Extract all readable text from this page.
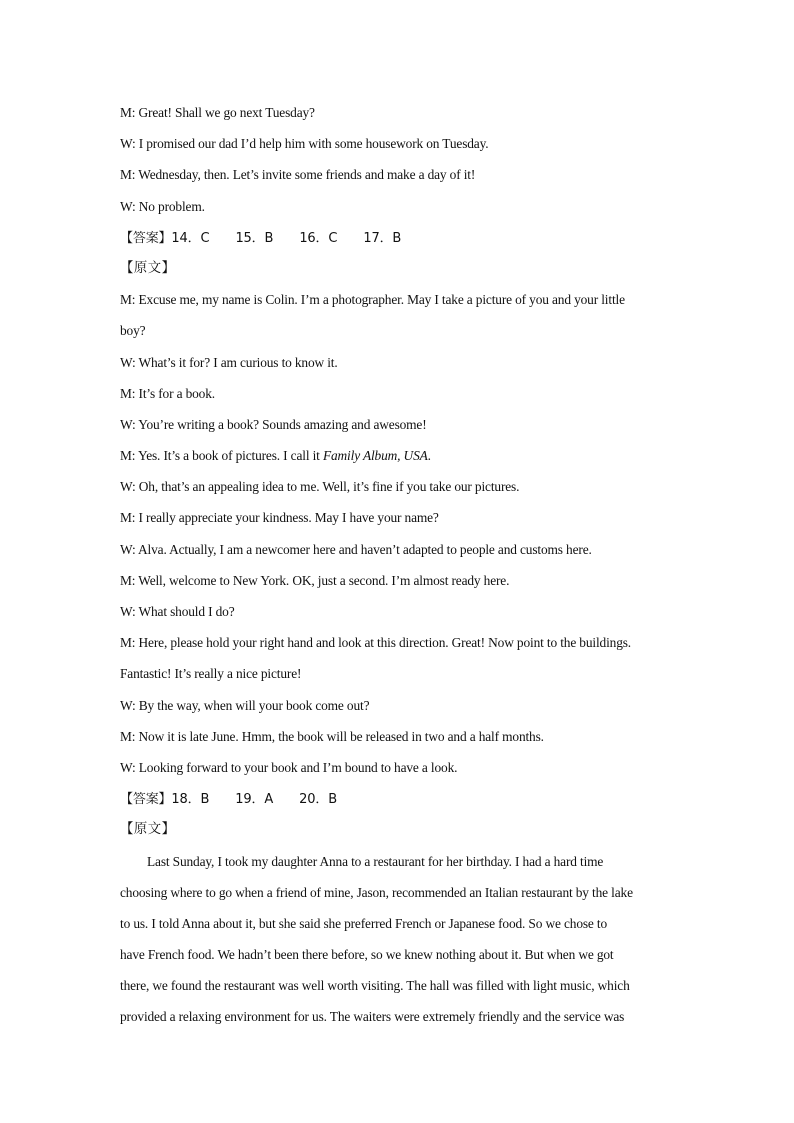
M: Great! Shall we go next Tuesday?
W: I promised our dad I’d help him with some housework on Tuesday.
M: Wednesday, then. Let’s invite some friends and make a day of it!
W: No problem.
【答案】14．C 15．B 16．C 17．B
【原文】
M: Excuse me, my name is Colin. I’m a photographer. May I take a picture of you and your little
boy?
W: What’s it for? I am curious to know it.
M: It’s for a book.
W: You’re writing a book? Sounds amazing and awesome!
M: Yes. It’s a book of pictures. I call it Family Album, USA.
W: Oh, that’s an appealing idea to me. Well, it’s fine if you take our pictures.
M: I really appreciate your kindness. May I have your name?
W: Alva. Actually, I am a newcomer here and haven’t adapted to people and customs here.
M: Well, welcome to New York. OK, just a second. I’m almost ready here.
W: What should I do?
M: Here, please hold your right hand and look at this direction. Great! Now point to the buildings.
Fantastic! It’s really a nice picture!
W: By the way, when will your book come out?
M: Now it is late June. Hmm, the book will be released in two and a half months.
W: Looking forward to your book and I’m bound to have a look.
【答案】18．B 19．A 20．B
【原文】
Last Sunday, I took my daughter Anna to a restaurant for her birthday. I had a hard time
choosing where to go when a friend of mine, Jason, recommended an Italian restaurant by the lake
to us. I told Anna about it, but she said she preferred French or Japanese food. So we chose to
have French food. We hadn’t been there before, so we knew nothing about it. But when we got
there, we found the restaurant was well worth visiting. The hall was filled with light music, which
provided a relaxing environment for us. The waiters were extremely friendly and the service was
